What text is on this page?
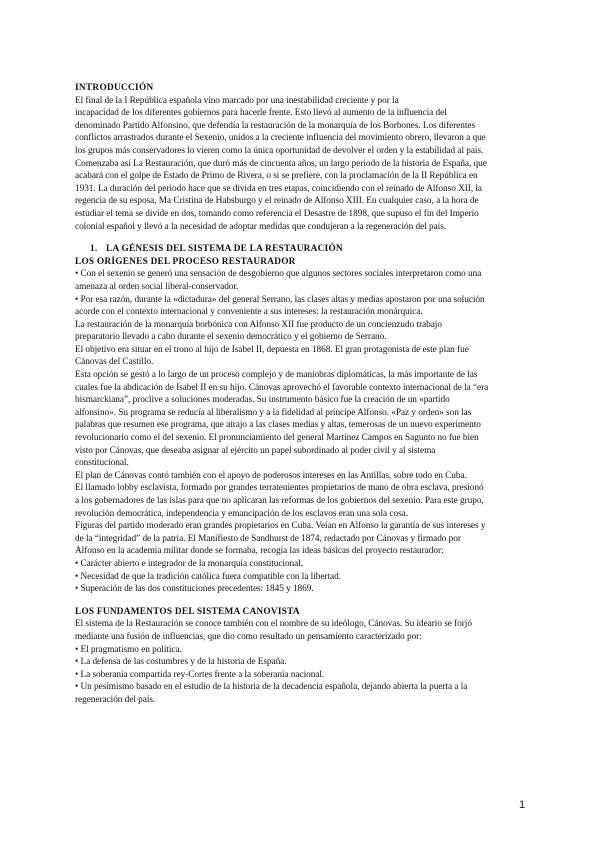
INTRODUCCIÓN
El final de la I República española vino marcado por una inestabilidad creciente y por la
incapacidad de los diferentes gobiernos para hacerle frente. Esto llevó al aumento de la influencia del
denominado Partido Alfonsino, que defendía la restauración de la monarquía de los Borbones. Los diferentes
conflictos arrastrados durante el Sexenio, unidos a la creciente influencia del movimiento obrero, llevaron a que
los grupos más conservadores lo vieren como la única oportunidad de devolver el orden y la estabilidad al país.
Comenzaba así La Restauración, que duró más de cincuenta años, un largo periodo de la historia de España, que
acabará con el golpe de Estado de Primo de Rivera, o si se prefiere, con la proclamación de la II República en
1931. La duración del periodo hace que se divida en tres etapas, coincidiendo con el reinado de Alfonso XII, la
regencia de su esposa, Ma Cristina de Habsburgo y el reinado de Alfonso XIII. En cualquier caso, a la hora de
estudiar el tema se divide en dos, tomando como referencia el Desastre de 1898, que supuso el fin del Imperio
colonial español y llevó a la necesidad de adoptar medidas que condujeran a la regeneración del país.
1. LA GÉNESIS DEL SISTEMA DE LA RESTAURACIÓN
LOS ORÍGENES DEL PROCESO RESTAURADOR
• Con el sexenio se generó una sensación de desgobierno que algunos sectores sociales interpretaron como una
amenaza al orden social liberal-conservador.
• Por esa razón, durante la «dictadura» del general Serrano, las clases altas y medias apostaron por una solución
acorde con el contexto internacional y conveniente a sus intereses: la restauración monárquica.
La restauración de la monarquía borbónica con Alfonso XII fue producto de un concienzudo trabajo
preparatorio llevado a cabo durante el sexenio democrático y el gobierno de Serrano.
El objetivo era situar en el trono al hijo de Isabel II, depuesta en 1868. El gran protagonista de este plan fue
Cánovas del Castillo.
Esta opción se gestó a lo largo de un proceso complejo y de maniobras diplomáticas, la más importante de las
cuales fue la abdicación de Isabel II en su hijo. Cánovas aprovechó el favorable contexto internacional de la “era
bismarckiana”, proclive a soluciones moderadas. Su instrumento básico fue la creación de un «partido
alfonsino». Su programa se reducía al liberalismo y a la fidelidad al príncipe Alfonso. «Paz y orden» son las
palabras que resumen ese programa, que atrajo a las clases medias y altas, temerosas de un nuevo experimento
revolucionario como el del sexenio. El pronunciamiento del general Martínez Campos en Sagunto no fue bien
visto por Cánovas, que deseaba asignar al ejército un papel subordinado al poder civil y al sistema
constitucional.
El plan de Cánovas contó también con el apoyo de poderosos intereses en las Antillas, sobre todo en Cuba.
El llamado lobby esclavista, formado por grandes terratenientes propietarios de mano de obra esclava, presionó
a los gobernadores de las islas para que no aplicaran las reformas de los gobiernos del sexenio. Para este grupo,
revolución democrática, independencia y emancipación de los esclavos eran una sola cosa.
Figuras del partido moderado eran grandes propietarios en Cuba. Veían en Alfonso la garantía de sus intereses y
de la “integridad” de la patria. El Manifiesto de Sandhurst de 1874, redactado por Cánovas y firmado por
Alfonso en la academia militar donde se formaba, recogía las ideas básicas del proyecto restaurador:
• Carácter abierto e integrador de la monarquía constitucional.
• Necesidad de que la tradición católica fuera compatible con la libertad.
• Superación de las dos constituciones precedentes: 1845 y 1869.
LOS FUNDAMENTOS DEL SISTEMA CANOVISTA
El sistema de la Restauración se conoce también con el nombre de su ideólogo, Cánovas. Su ideario se forjó
mediante una fusión de influencias, que dio como resultado un pensamiento caracterizado por:
• El pragmatismo en política.
• La defensa de las costumbres y de la historia de España.
• La soberanía compartida rey-Cortes frente a la soberanía nacional.
• Un pesimismo basado en el estudio de la historia de la decadencia española, dejando abierta la puerta a la
regeneración del país.
1
